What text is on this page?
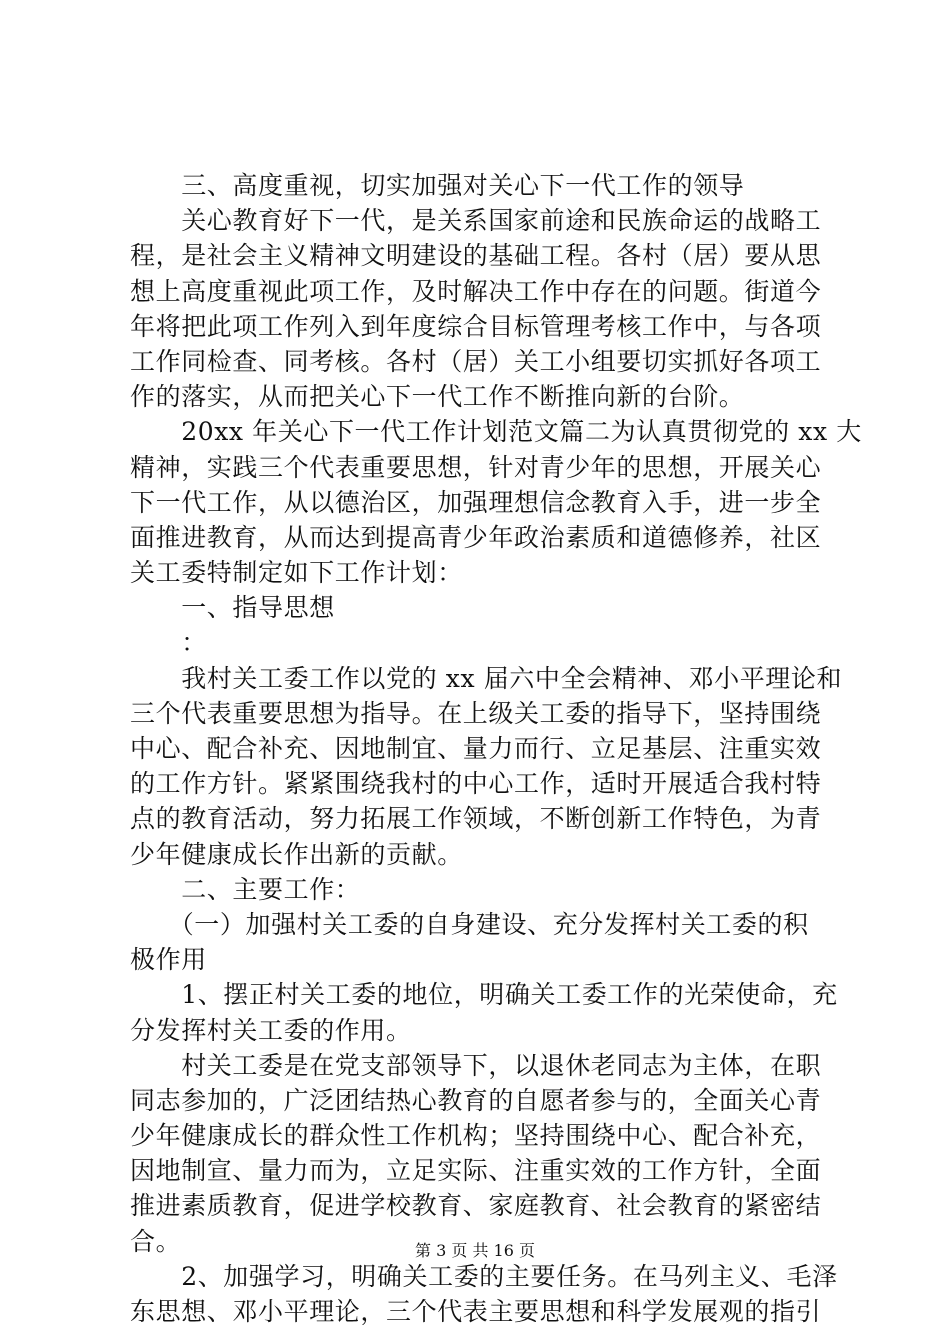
　　三、高度重视，切实加强对关心下一代工作的领导
　　关心教育好下一代，是关系国家前途和民族命运的战略工
程，是社会主义精神文明建设的基础工程。各村（居）要从思
想上高度重视此项工作，及时解决工作中存在的问题。街道今
年将把此项工作列入到年度综合目标管理考核工作中，与各项
工作同检查、同考核。各村（居）关工小组要切实抓好各项工
作的落实，从而把关心下一代工作不断推向新的台阶。
　　20xx 年关心下一代工作计划范文篇二为认真贯彻党的 xx 大
精神，实践三个代表重要思想，针对青少年的思想，开展关心
下一代工作，从以德治区，加强理想信念教育入手，进一步全
面推进教育，从而达到提高青少年政治素质和道德修养，社区
关工委特制定如下工作计划：
　　一、指导思想
　　：
　　我村关工委工作以党的 xx 届六中全会精神、邓小平理论和
三个代表重要思想为指导。在上级关工委的指导下，坚持围绕
中心、配合补充、因地制宜、量力而行、立足基层、注重实效
的工作方针。紧紧围绕我村的中心工作，适时开展适合我村特
点的教育活动，努力拓展工作领域，不断创新工作特色，为青
少年健康成长作出新的贡献。
　　二、主要工作：
　　（一）加强村关工委的自身建设、充分发挥村关工委的积
极作用
　　1、摆正村关工委的地位，明确关工委工作的光荣使命，充
分发挥村关工委的作用。
　　村关工委是在党支部领导下，以退休老同志为主体，在职
同志参加的，广泛团结热心教育的自愿者参与的，全面关心青
少年健康成长的群众性工作机构；坚持围绕中心、配合补充，
因地制宣、量力而为，立足实际、注重实效的工作方针，全面
推进素质教育，促进学校教育、家庭教育、社会教育的紧密结
合。
　　2、加强学习，明确关工委的主要任务。在马列主义、毛泽
东思想、邓小平理论，三个代表主要思想和科学发展观的指引
第 3 页 共 16 页
